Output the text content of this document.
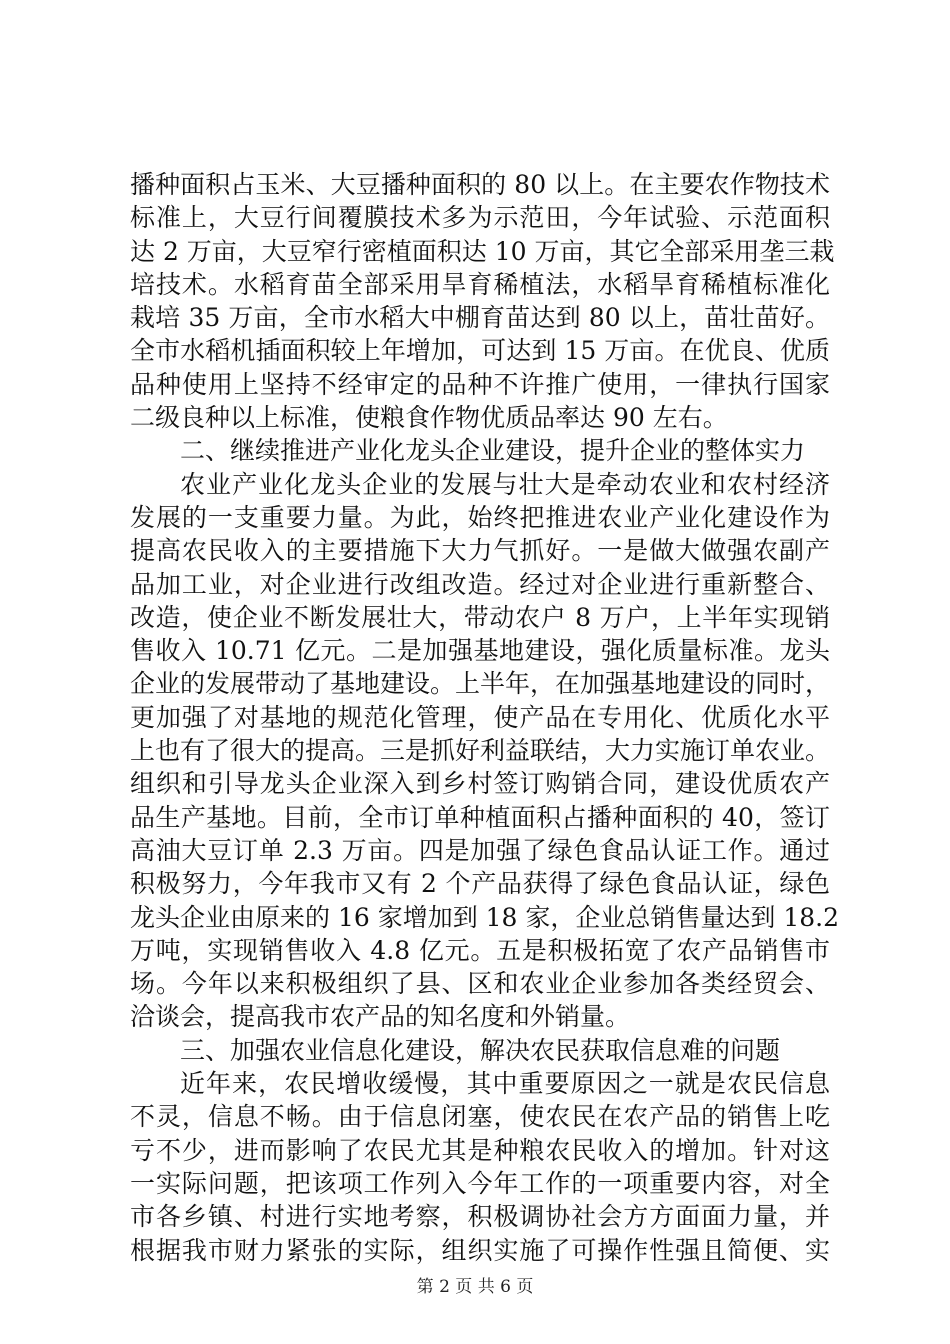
播种面积占玉米、大豆播种面积的 80 以上。在主要农作物技术
标准上，大豆行间覆膜技术多为示范田，今年试验、示范面积
达 2 万亩，大豆窄行密植面积达 10 万亩，其它全部采用垄三栽
培技术。水稻育苗全部采用旱育稀植法，水稻旱育稀植标准化
栽培 35 万亩，全市水稻大中棚育苗达到 80 以上，苗壮苗好。
全市水稻机插面积较上年增加，可达到 15 万亩。在优良、优质
品种使用上坚持不经审定的品种不许推广使用，一律执行国家
二级良种以上标准，使粮食作物优质品率达 90 左右。
二、继续推进产业化龙头企业建设，提升企业的整体实力
农业产业化龙头企业的发展与壮大是牵动农业和农村经济
发展的一支重要力量。为此，始终把推进农业产业化建设作为
提高农民收入的主要措施下大力气抓好。一是做大做强农副产
品加工业，对企业进行改组改造。经过对企业进行重新整合、
改造，使企业不断发展壮大，带动农户 8 万户，上半年实现销
售收入 10.71 亿元。二是加强基地建设，强化质量标准。龙头
企业的发展带动了基地建设。上半年，在加强基地建设的同时，
更加强了对基地的规范化管理，使产品在专用化、优质化水平
上也有了很大的提高。三是抓好利益联结，大力实施订单农业。
组织和引导龙头企业深入到乡村签订购销合同，建设优质农产
品生产基地。目前，全市订单种植面积占播种面积的 40，签订
高油大豆订单 2.3 万亩。四是加强了绿色食品认证工作。通过
积极努力，今年我市又有 2 个产品获得了绿色食品认证，绿色
龙头企业由原来的 16 家增加到 18 家，企业总销售量达到 18.2
万吨，实现销售收入 4.8 亿元。五是积极拓宽了农产品销售市
场。今年以来积极组织了县、区和农业企业参加各类经贸会、
洽谈会，提高我市农产品的知名度和外销量。
三、加强农业信息化建设，解决农民获取信息难的问题
近年来，农民增收缓慢，其中重要原因之一就是农民信息
不灵，信息不畅。由于信息闭塞，使农民在农产品的销售上吃
亏不少，进而影响了农民尤其是种粮农民收入的增加。针对这
一实际问题，把该项工作列入今年工作的一项重要内容，对全
市各乡镇、村进行实地考察，积极调协社会方方面面力量，并
根据我市财力紧张的实际，组织实施了可操作性强且简便、实
第 2 页 共 6 页
